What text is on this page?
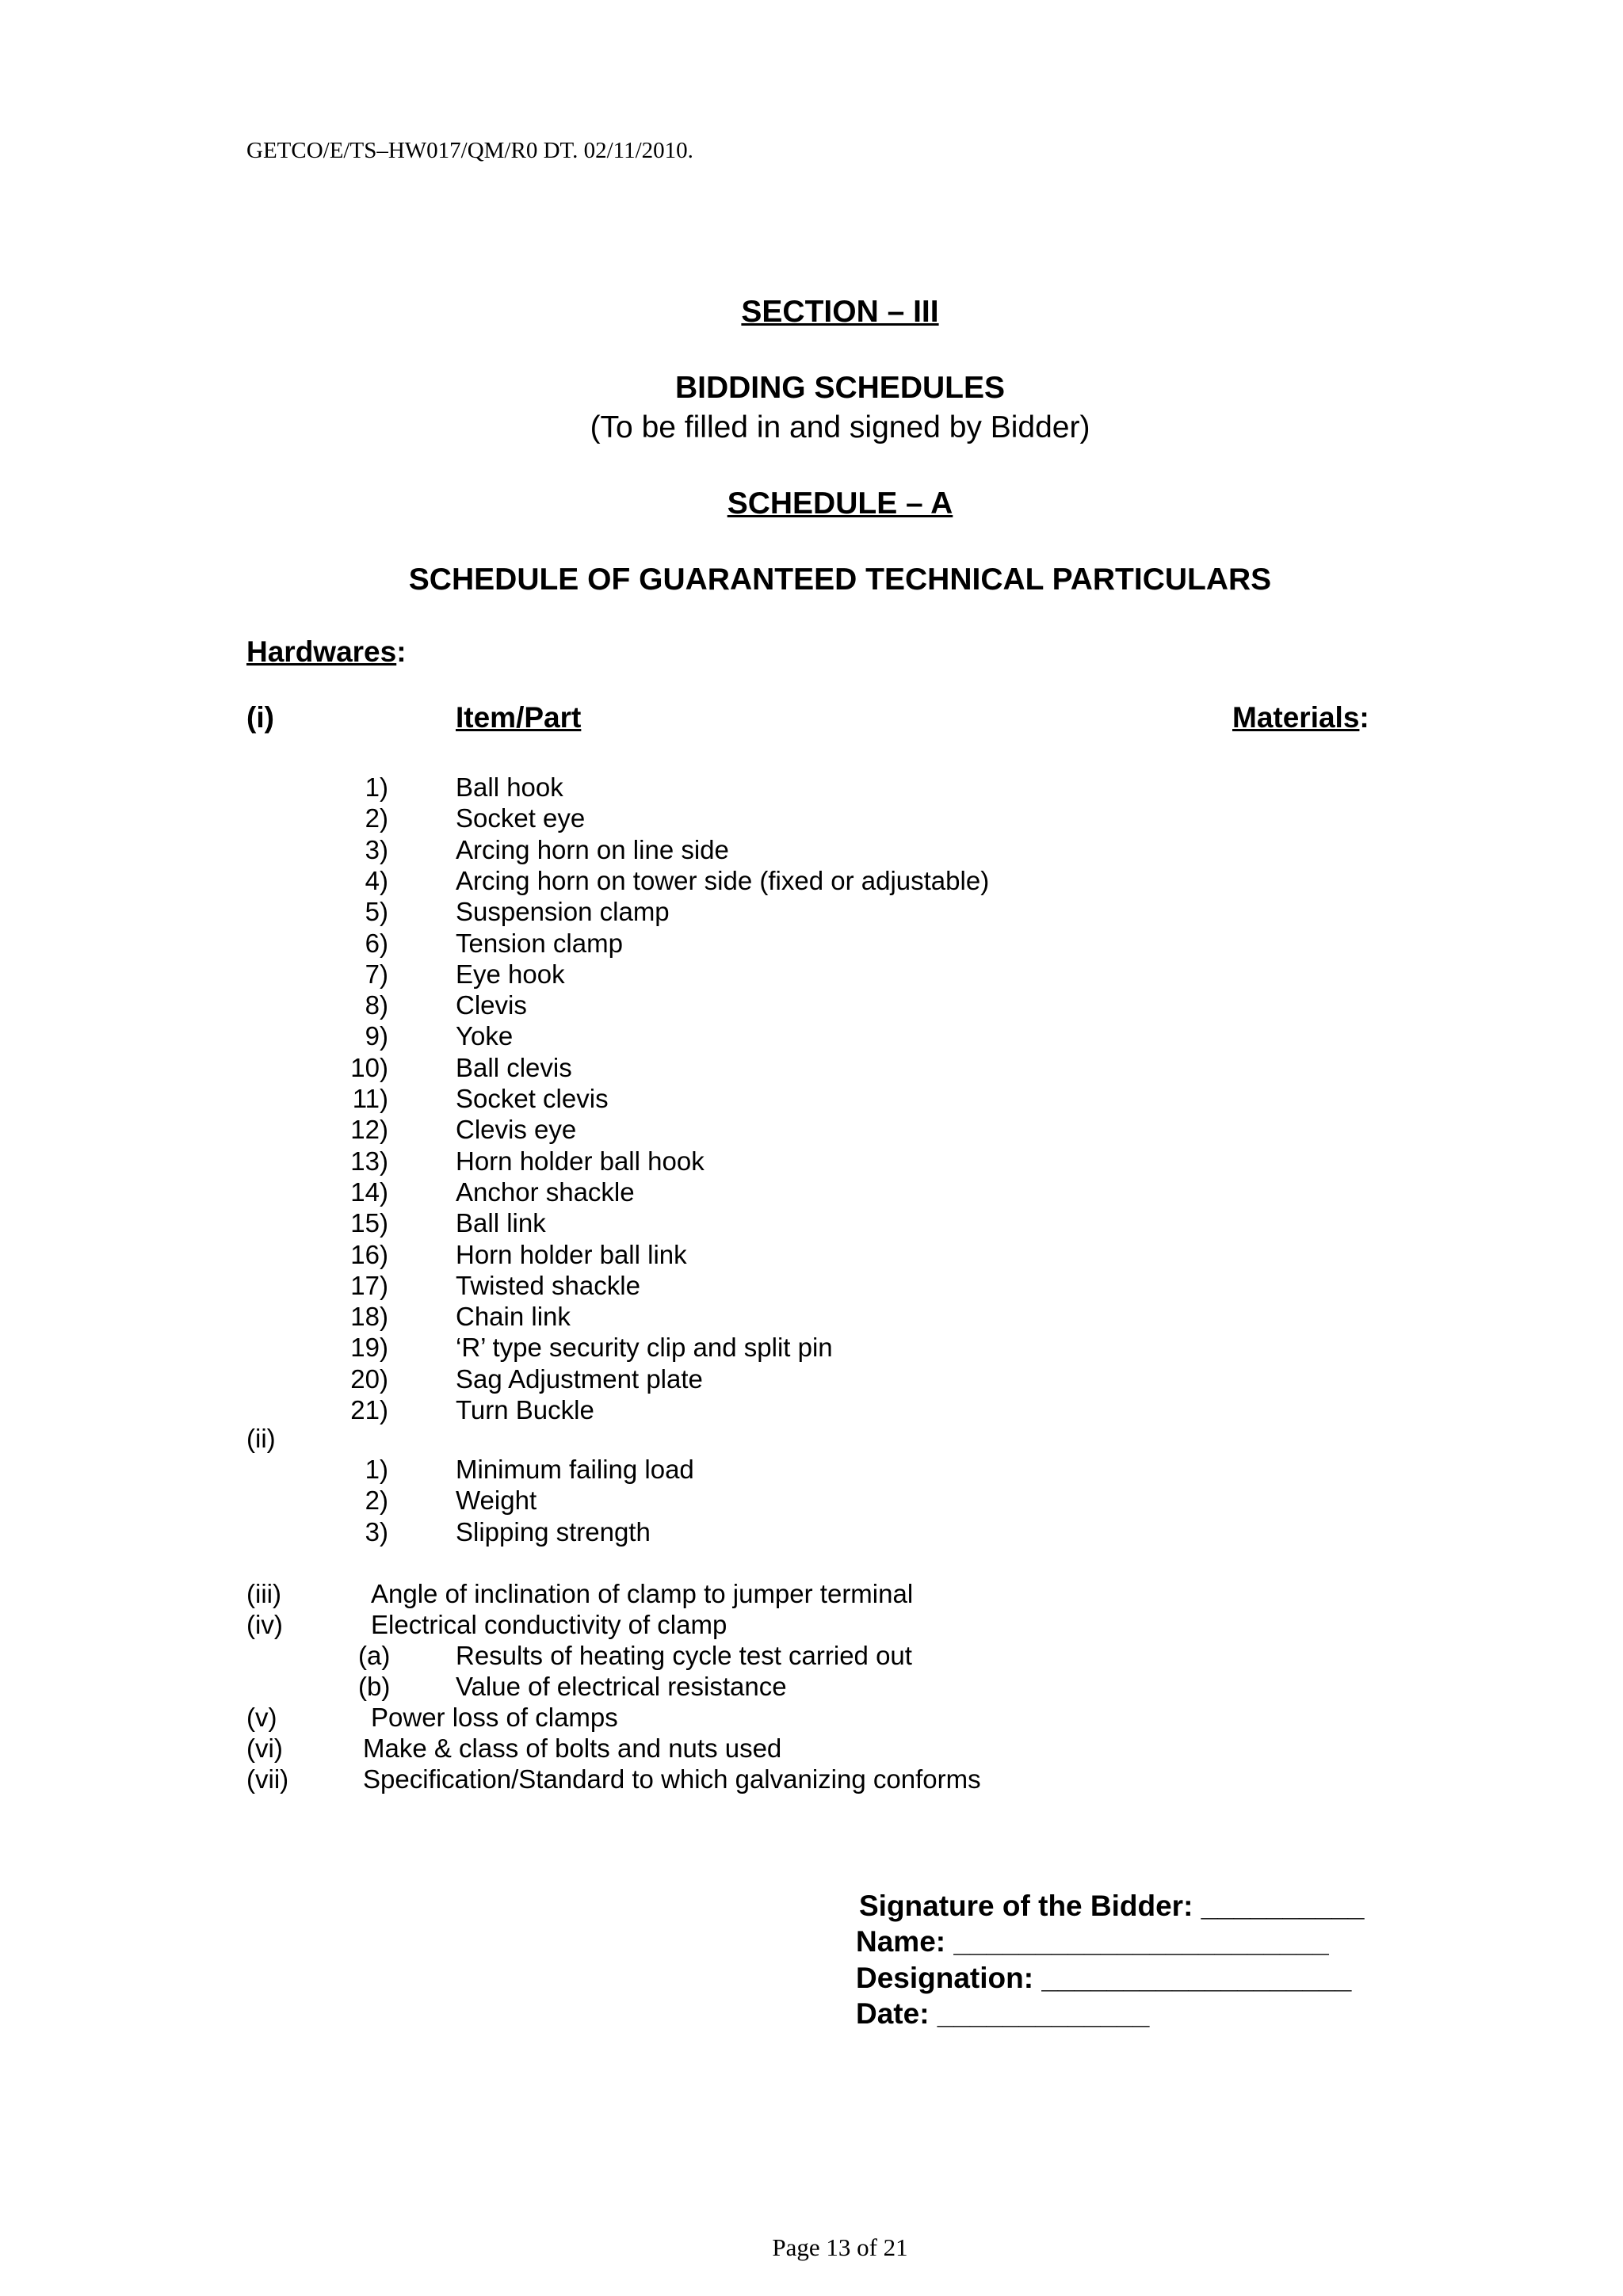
GETCO/E/TS–HW017/QM/R0 DT. 02/11/2010.
SECTION – III
BIDDING SCHEDULES
(To be filled in and signed by Bidder)
SCHEDULE – A
SCHEDULE OF GUARANTEED TECHNICAL PARTICULARS
Hardwares:
(i)	Item/Part	Materials:
1)	Ball hook
2)	Socket eye
3)	Arcing horn on line side
4)	Arcing horn on tower side (fixed or adjustable)
5)	Suspension clamp
6)	Tension clamp
7)	Eye hook
8)	Clevis
9)	Yoke
10)	Ball clevis
11)	Socket clevis
12)	Clevis eye
13)	Horn holder ball hook
14)	Anchor shackle
15)	Ball link
16)	Horn holder ball link
17)	Twisted shackle
18)	Chain link
19)	‘R’ type security clip and split pin
20)	Sag Adjustment plate
21)	Turn Buckle
(ii)
1)	Minimum failing load
2)	Weight
3)	Slipping strength
(iii)	Angle of inclination of clamp to jumper terminal
(iv)	Electrical conductivity of clamp
(a)	Results of heating cycle test carried out
(b)	Value of electrical resistance
(v)	Power loss of clamps
(vi)	Make & class of bolts and nuts used
(vii)	Specification/Standard to which galvanizing conforms
Signature of the Bidder: __________
Name: _______________________
Designation: ___________________
Date: _____________
Page 13 of 21
